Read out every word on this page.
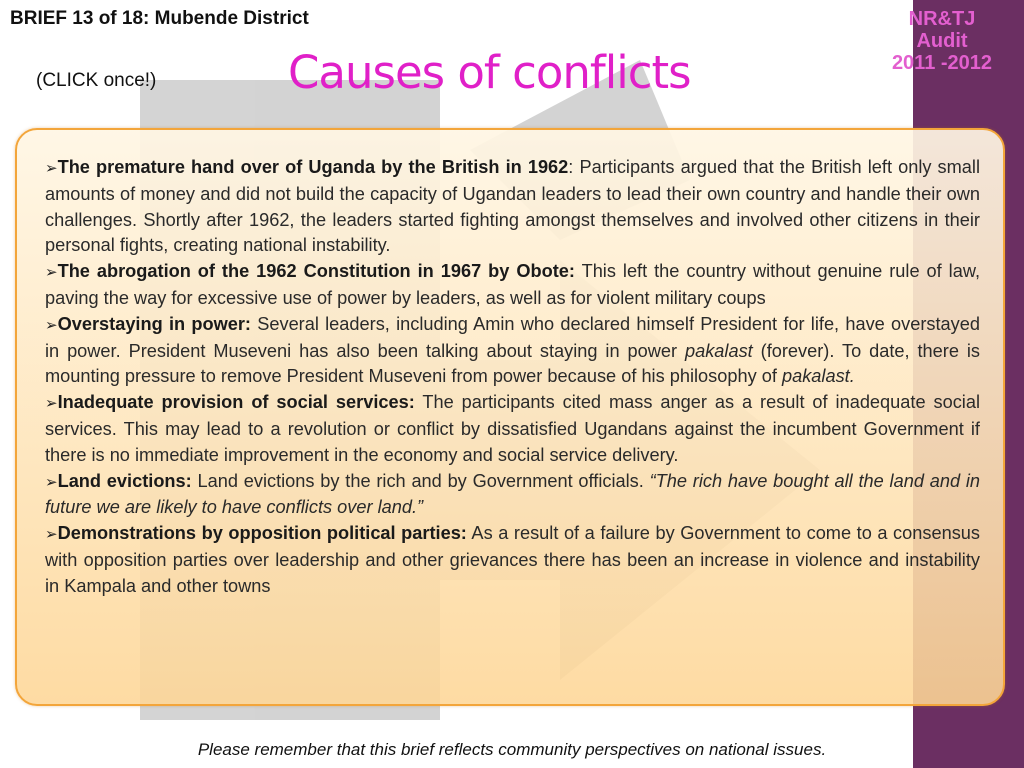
BRIEF 13 of 18: Mubende District
(CLICK once!)	Causes of conflicts
NR&TJ
Audit
2011 -2012

➢The premature hand over of Uganda by the British in 1962: Participants argued that the British left only small amounts of money and did not build the capacity of Ugandan leaders to lead their own country and handle their own challenges. Shortly after 1962, the leaders started fighting amongst themselves and involved other citizens in their personal fights, creating national instability.

➢The abrogation of the 1962 Constitution in 1967 by Obote: This left the country without genuine rule of law, paving the way for excessive use of power by leaders, as well as for violent military coups

➢Overstaying in power: Several leaders, including Amin who declared himself President for life, have overstayed in power. President Museveni has also been talking about staying in power pakalast (forever). To date, there is mounting pressure to remove President Museveni from power because of his philosophy of pakalast.

➢Inadequate provision of social services: The participants cited mass anger as a result of inadequate social services. This may lead to a revolution or conflict by dissatisfied Ugandans against the incumbent Government if there is no immediate improvement in the economy and social service delivery.

➢Land evictions: Land evictions by the rich and by Government officials. “The rich have bought all the land and in future we are likely to have conflicts over land.”

➢Demonstrations by opposition political parties: As a result of a failure by Government to come to a consensus with opposition parties over leadership and other grievances there has been an increase in violence and instability in Kampala and other towns

Please remember that this brief reflects community perspectives on national issues.
